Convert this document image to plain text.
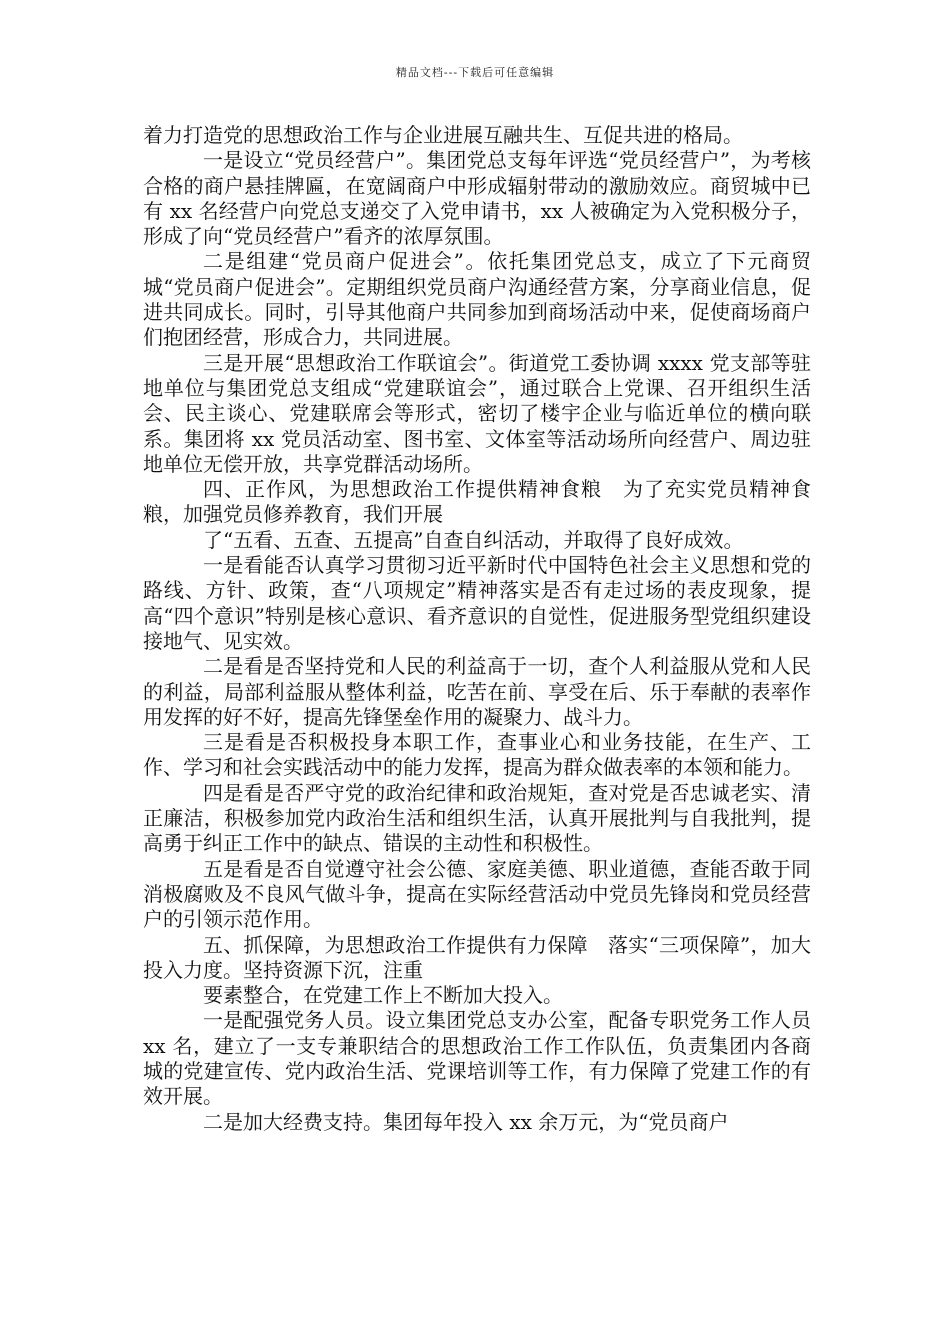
精品文档---下载后可任意编辑

着力打造党的思想政治工作与企业进展互融共生、互促共进的格局。

一是设立“党员经营户”。集团党总支每年评选“党员经营户”，为考核合格的商户悬挂牌匾，在宽阔商户中形成辐射带动的激励效应。商贸城中已有 xx 名经营户向党总支递交了入党申请书，xx 人被确定为入党积极分子，形成了向“党员经营户”看齐的浓厚氛围。

二是组建“党员商户促进会”。依托集团党总支，成立了下元商贸城“党员商户促进会”。定期组织党员商户沟通经营方案，分享商业信息，促进共同成长。同时，引导其他商户共同参加到商场活动中来，促使商场商户们抱团经营，形成合力，共同进展。

三是开展“思想政治工作联谊会”。街道党工委协调 xxxx 党支部等驻地单位与集团党总支组成“党建联谊会”，通过联合上党课、召开组织生活会、民主谈心、党建联席会等形式，密切了楼宇企业与临近单位的横向联系。集团将 xx 党员活动室、图书室、文体室等活动场所向经营户、周边驻地单位无偿开放，共享党群活动场所。

四、正作风，为思想政治工作提供精神食粮　为了充实党员精神食粮，加强党员修养教育，我们开展

了“五看、五查、五提高”自查自纠活动，并取得了良好成效。

一是看能否认真学习贯彻习近平新时代中国特色社会主义思想和党的路线、方针、政策，查“八项规定”精神落实是否有走过场的表皮现象，提高“四个意识”特别是核心意识、看齐意识的自觉性，促进服务型党组织建设接地气、见实效。

二是看是否坚持党和人民的利益高于一切，查个人利益服从党和人民的利益，局部利益服从整体利益，吃苦在前、享受在后、乐于奉献的表率作用发挥的好不好，提高先锋堡垒作用的凝聚力、战斗力。

三是看是否积极投身本职工作，查事业心和业务技能，在生产、工作、学习和社会实践活动中的能力发挥，提高为群众做表率的本领和能力。

四是看是否严守党的政治纪律和政治规矩，查对党是否忠诚老实、清正廉洁，积极参加党内政治生活和组织生活，认真开展批判与自我批判，提高勇于纠正工作中的缺点、错误的主动性和积极性。

五是看是否自觉遵守社会公德、家庭美德、职业道德，查能否敢于同消极腐败及不良风气做斗争，提高在实际经营活动中党员先锋岗和党员经营户的引领示范作用。

五、抓保障，为思想政治工作提供有力保障　落实“三项保障”，加大投入力度。坚持资源下沉，注重

要素整合，在党建工作上不断加大投入。

一是配强党务人员。设立集团党总支办公室，配备专职党务工作人员 xx 名，建立了一支专兼职结合的思想政治工作工作队伍，负责集团内各商城的党建宣传、党内政治生活、党课培训等工作，有力保障了党建工作的有效开展。

二是加大经费支持。集团每年投入 xx 余万元，为“党员商户
